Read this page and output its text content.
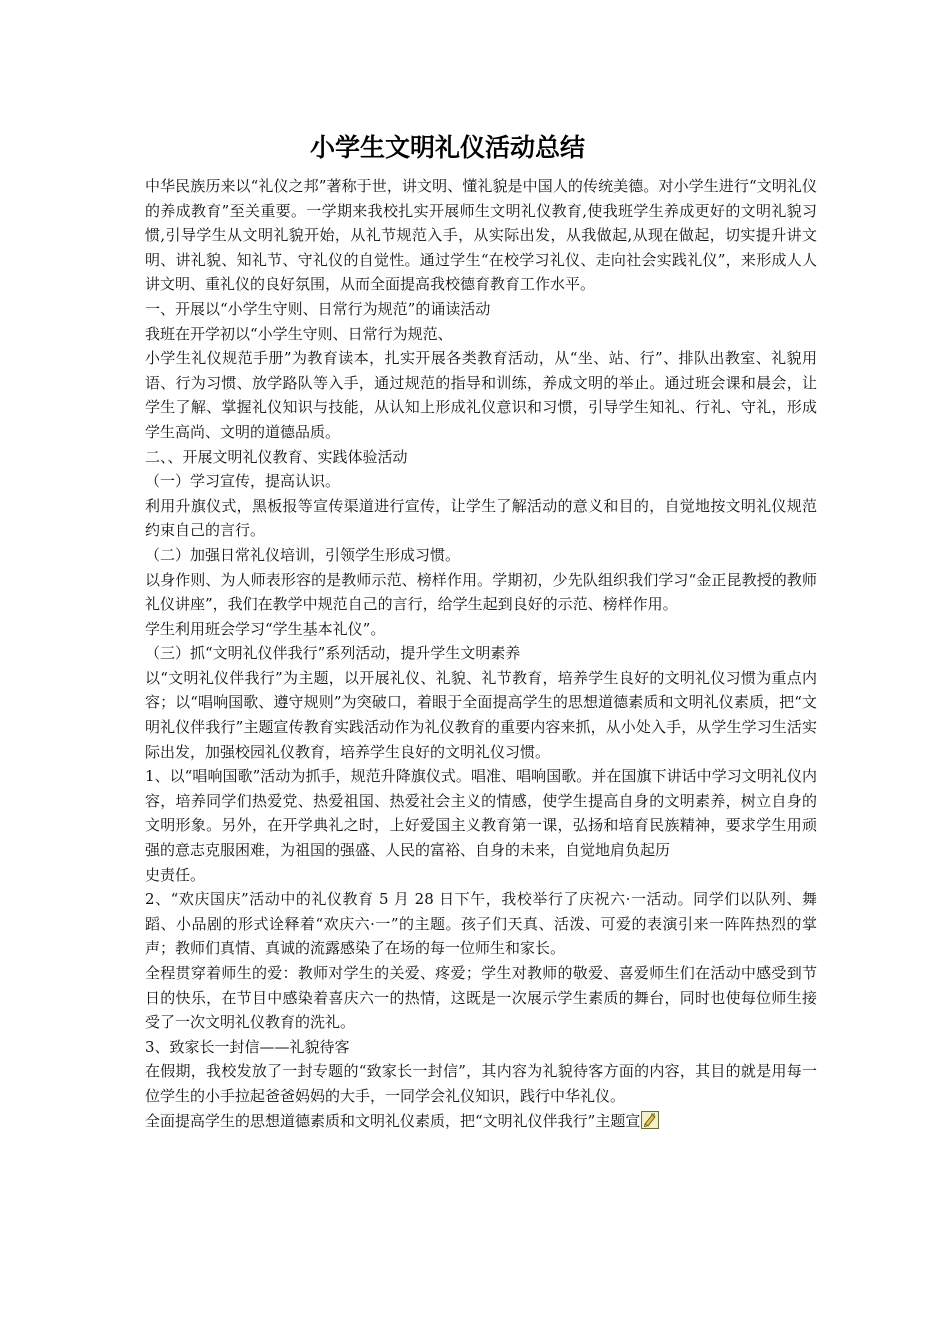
小学生文明礼仪活动总结

中华民族历来以“礼仪之邦”著称于世，讲文明、懂礼貌是中国人的传统美德。对小学生进行“文明礼仪的养成教育”至关重要。一学期来我校扎实开展师生文明礼仪教育,使我班学生养成更好的文明礼貌习惯,引导学生从文明礼貌开始，从礼节规范入手，从实际出发，从我做起,从现在做起，切实提升讲文明、讲礼貌、知礼节、守礼仪的自觉性。通过学生“在校学习礼仪、走向社会实践礼仪”，来形成人人讲文明、重礼仪的良好氛围，从而全面提高我校德育教育工作水平。

一、开展以“小学生守则、日常行为规范”的诵读活动

我班在开学初以“小学生守则、日常行为规范、

小学生礼仪规范手册”为教育读本，扎实开展各类教育活动，从“坐、站、行”、排队出教室、礼貌用语、行为习惯、放学路队等入手，通过规范的指导和训练，养成文明的举止。通过班会课和晨会，让学生了解、掌握礼仪知识与技能，从认知上形成礼仪意识和习惯，引导学生知礼、行礼、守礼，形成学生高尚、文明的道德品质。

二、、开展文明礼仪教育、实践体验活动

（一）学习宣传，提高认识。

利用升旗仪式，黑板报等宣传渠道进行宣传，让学生了解活动的意义和目的，自觉地按文明礼仪规范约束自己的言行。

（二）加强日常礼仪培训，引领学生形成习惯。

以身作则、为人师表形容的是教师示范、榜样作用。学期初，少先队组织我们学习“金正昆教授的教师礼仪讲座”，我们在教学中规范自己的言行，给学生起到良好的示范、榜样作用。

学生利用班会学习“学生基本礼仪”。

（三）抓“文明礼仪伴我行”系列活动，提升学生文明素养

以“文明礼仪伴我行”为主题，以开展礼仪、礼貌、礼节教育，培养学生良好的文明礼仪习惯为重点内容；以“唱响国歌、遵守规则”为突破口，着眼于全面提高学生的思想道德素质和文明礼仪素质，把“文明礼仪伴我行”主题宣传教育实践活动作为礼仪教育的重要内容来抓，从小处入手，从学生学习生活实际出发，加强校园礼仪教育，培养学生良好的文明礼仪习惯。

1、以“唱响国歌”活动为抓手，规范升降旗仪式。唱准、唱响国歌。并在国旗下讲话中学习文明礼仪内容，培养同学们热爱党、热爱祖国、热爱社会主义的情感，使学生提高自身的文明素养，树立自身的文明形象。另外，在开学典礼之时，上好爱国主义教育第一课，弘扬和培育民族精神，要求学生用顽强的意志克服困难，为祖国的强盛、人民的富裕、自身的未来，自觉地肩负起历

史责任。

2、“欢庆国庆”活动中的礼仪教育 5 月 28 日下午，我校举行了庆祝六·一活动。同学们以队列、舞蹈、小品剧的形式诠释着“欢庆六·一”的主题。孩子们天真、活泼、可爱的表演引来一阵阵热烈的掌声；教师们真情、真诚的流露感染了在场的每一位师生和家长。

全程贯穿着师生的爱：教师对学生的关爱、疼爱；学生对教师的敬爱、喜爱师生们在活动中感受到节日的快乐，在节目中感染着喜庆六一的热情，这既是一次展示学生素质的舞台，同时也使每位师生接受了一次文明礼仪教育的洗礼。

3、致家长一封信——礼貌待客

在假期，我校发放了一封专题的“致家长一封信”，其内容为礼貌待客方面的内容，其目的就是用每一位学生的小手拉起爸爸妈妈的大手，一同学会礼仪知识，践行中华礼仪。

全面提高学生的思想道德素质和文明礼仪素质，把“文明礼仪伴我行”主题宣
